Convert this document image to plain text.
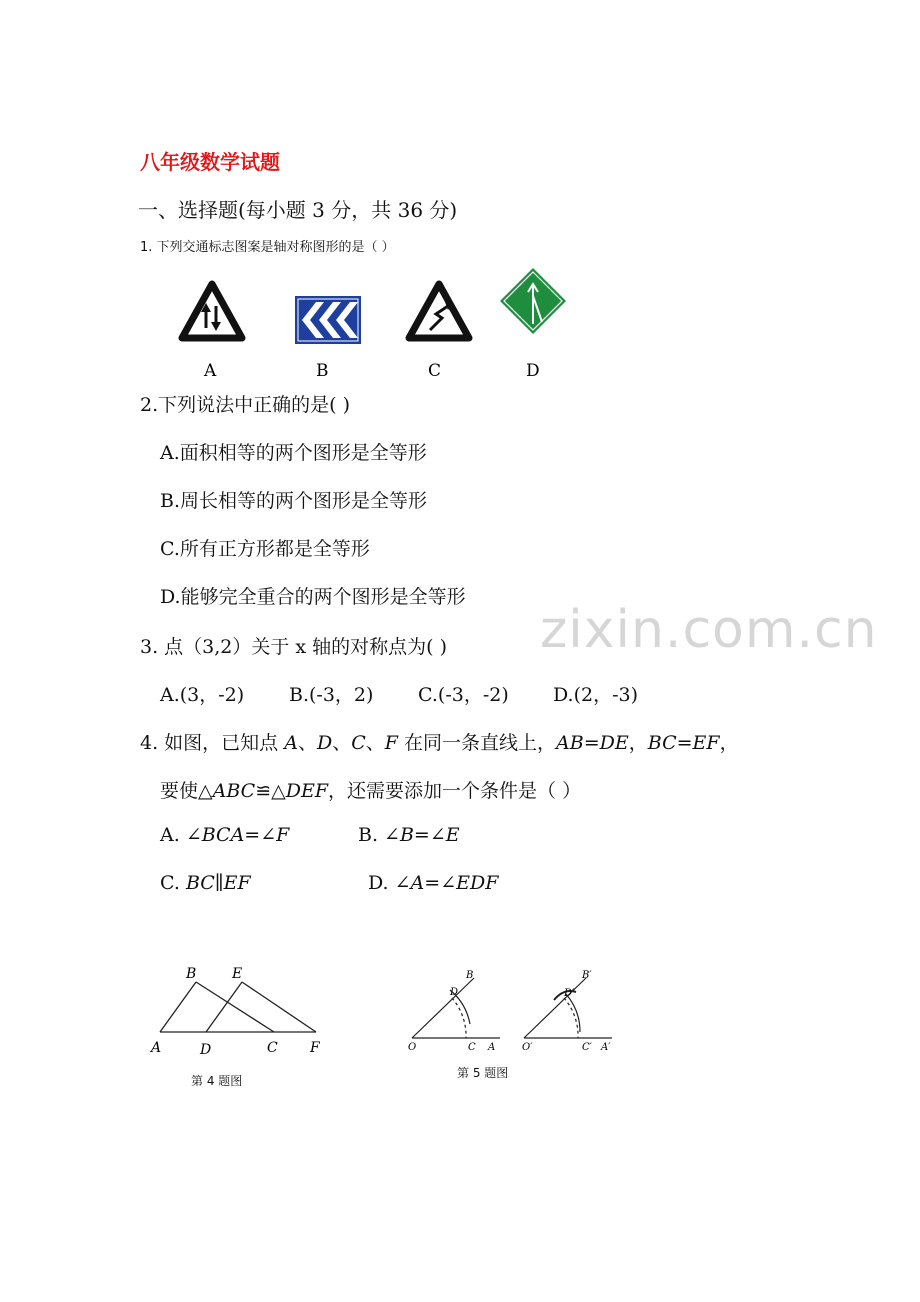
八年级数学试题
一、选择题(每小题 3 分，共 36 分)
1. 下列交通标志图案是轴对称图形的是（ ）
A	B	C	D
2.下列说法中正确的是( )
A.面积相等的两个图形是全等形
B.周长相等的两个图形是全等形
C.所有正方形都是全等形
D.能够完全重合的两个图形是全等形
zixin.com.cn
3. 点（3,2）关于 x 轴的对称点为( )
A.(3，-2) B.(-3，2) C.(-3，-2) D.(2，-3)
4. 如图，已知点 A、D、C、F 在同一条直线上，AB=DE，BC=EF，
要使△ABC≌△DEF，还需要添加一个条件是（ ）
A. ∠BCA=∠F	B. ∠B=∠E
C. BC∥EF	D. ∠A=∠EDF
B	E
A	D	C F
第 4 题图
B
D
O	C A
B′
D′
O′	C′ A′
第 5 题图
